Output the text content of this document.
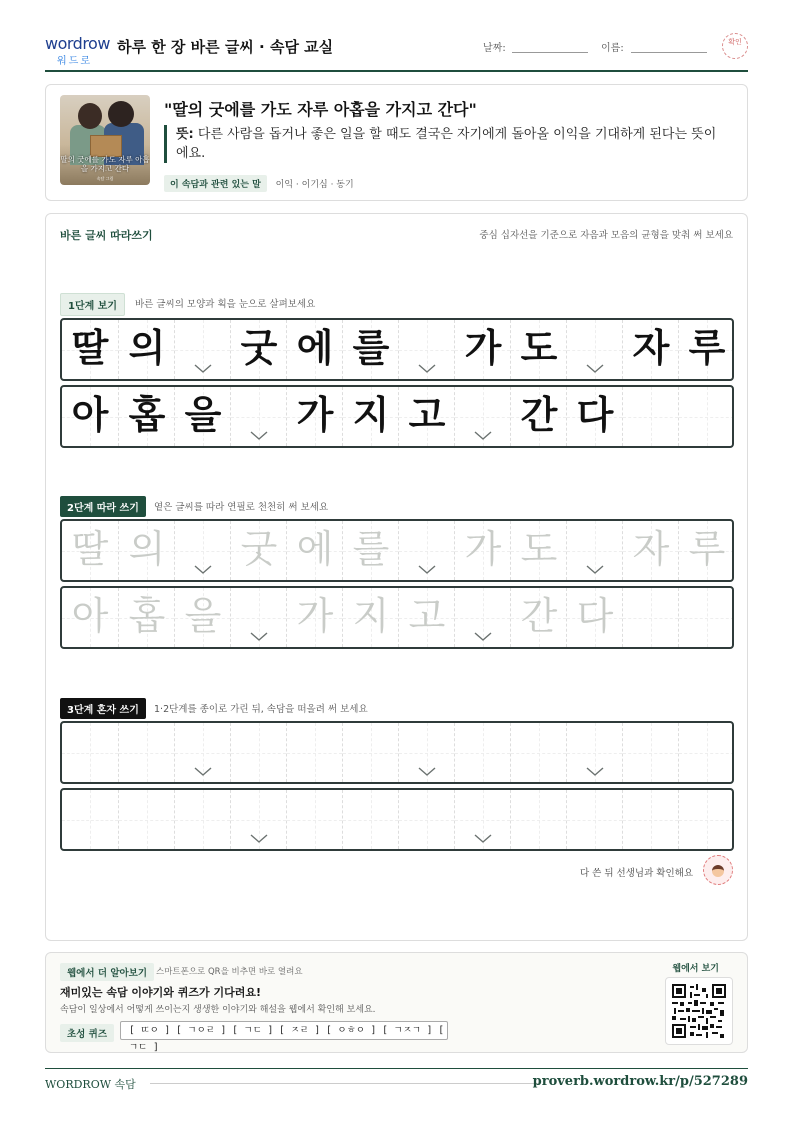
wordrow
워드로
하루 한 장 바른 글씨 · 속담 교실	날짜:	이름:
확인
딸의 굿에를 가도 자루 아홉을 가지고 간다
속담 그림
"딸의 굿에를 가도 자루 아홉을 가지고 간다"
뜻: 다른 사람을 돕거나 좋은 일을 할 때도 결국은 자기에게 돌아올 이익을 기대하게 된다는 뜻이에요.
이 속담과 관련 있는 말 이익 · 이기심 · 동기
바른 글씨 따라쓰기	중심 십자선을 기준으로 자음과 모음의 균형을 맞춰 써 보세요
1단계 보기	바른 글씨의 모양과 획을 눈으로 살펴보세요
딸 의 굿 에 를 가 도 자 루
아 홉 을 가 지 고 간 다
2단계 따라 쓰기	옅은 글씨를 따라 연필로 천천히 써 보세요
딸 의 굿 에 를 가 도 자 루
아 홉 을 가 지 고 간 다
3단계 혼자 쓰기	1·2단계를 종이로 가린 뒤, 속담을 떠올려 써 보세요
다 쓴 뒤 선생님과 확인해요
웹에서 더 알아보기	스마트폰으로 QR을 비추면 바로 열려요
재미있는 속담 이야기와 퀴즈가 기다려요!
속담이 일상에서 어떻게 쓰이는지 생생한 이야기와 해설을 웹에서 확인해 보세요.
초성 퀴즈	[ ㄸㅇ ] [ ㄱㅇㄹ ] [ ㄱㄷ ] [ ㅈㄹ ] [ ㅇㅎㅇ ] [ ㄱㅈㄱ ] [ ㄱㄷ ]
웹에서 보기
WORDROW 속담	proverb.wordrow.kr/p/527289
